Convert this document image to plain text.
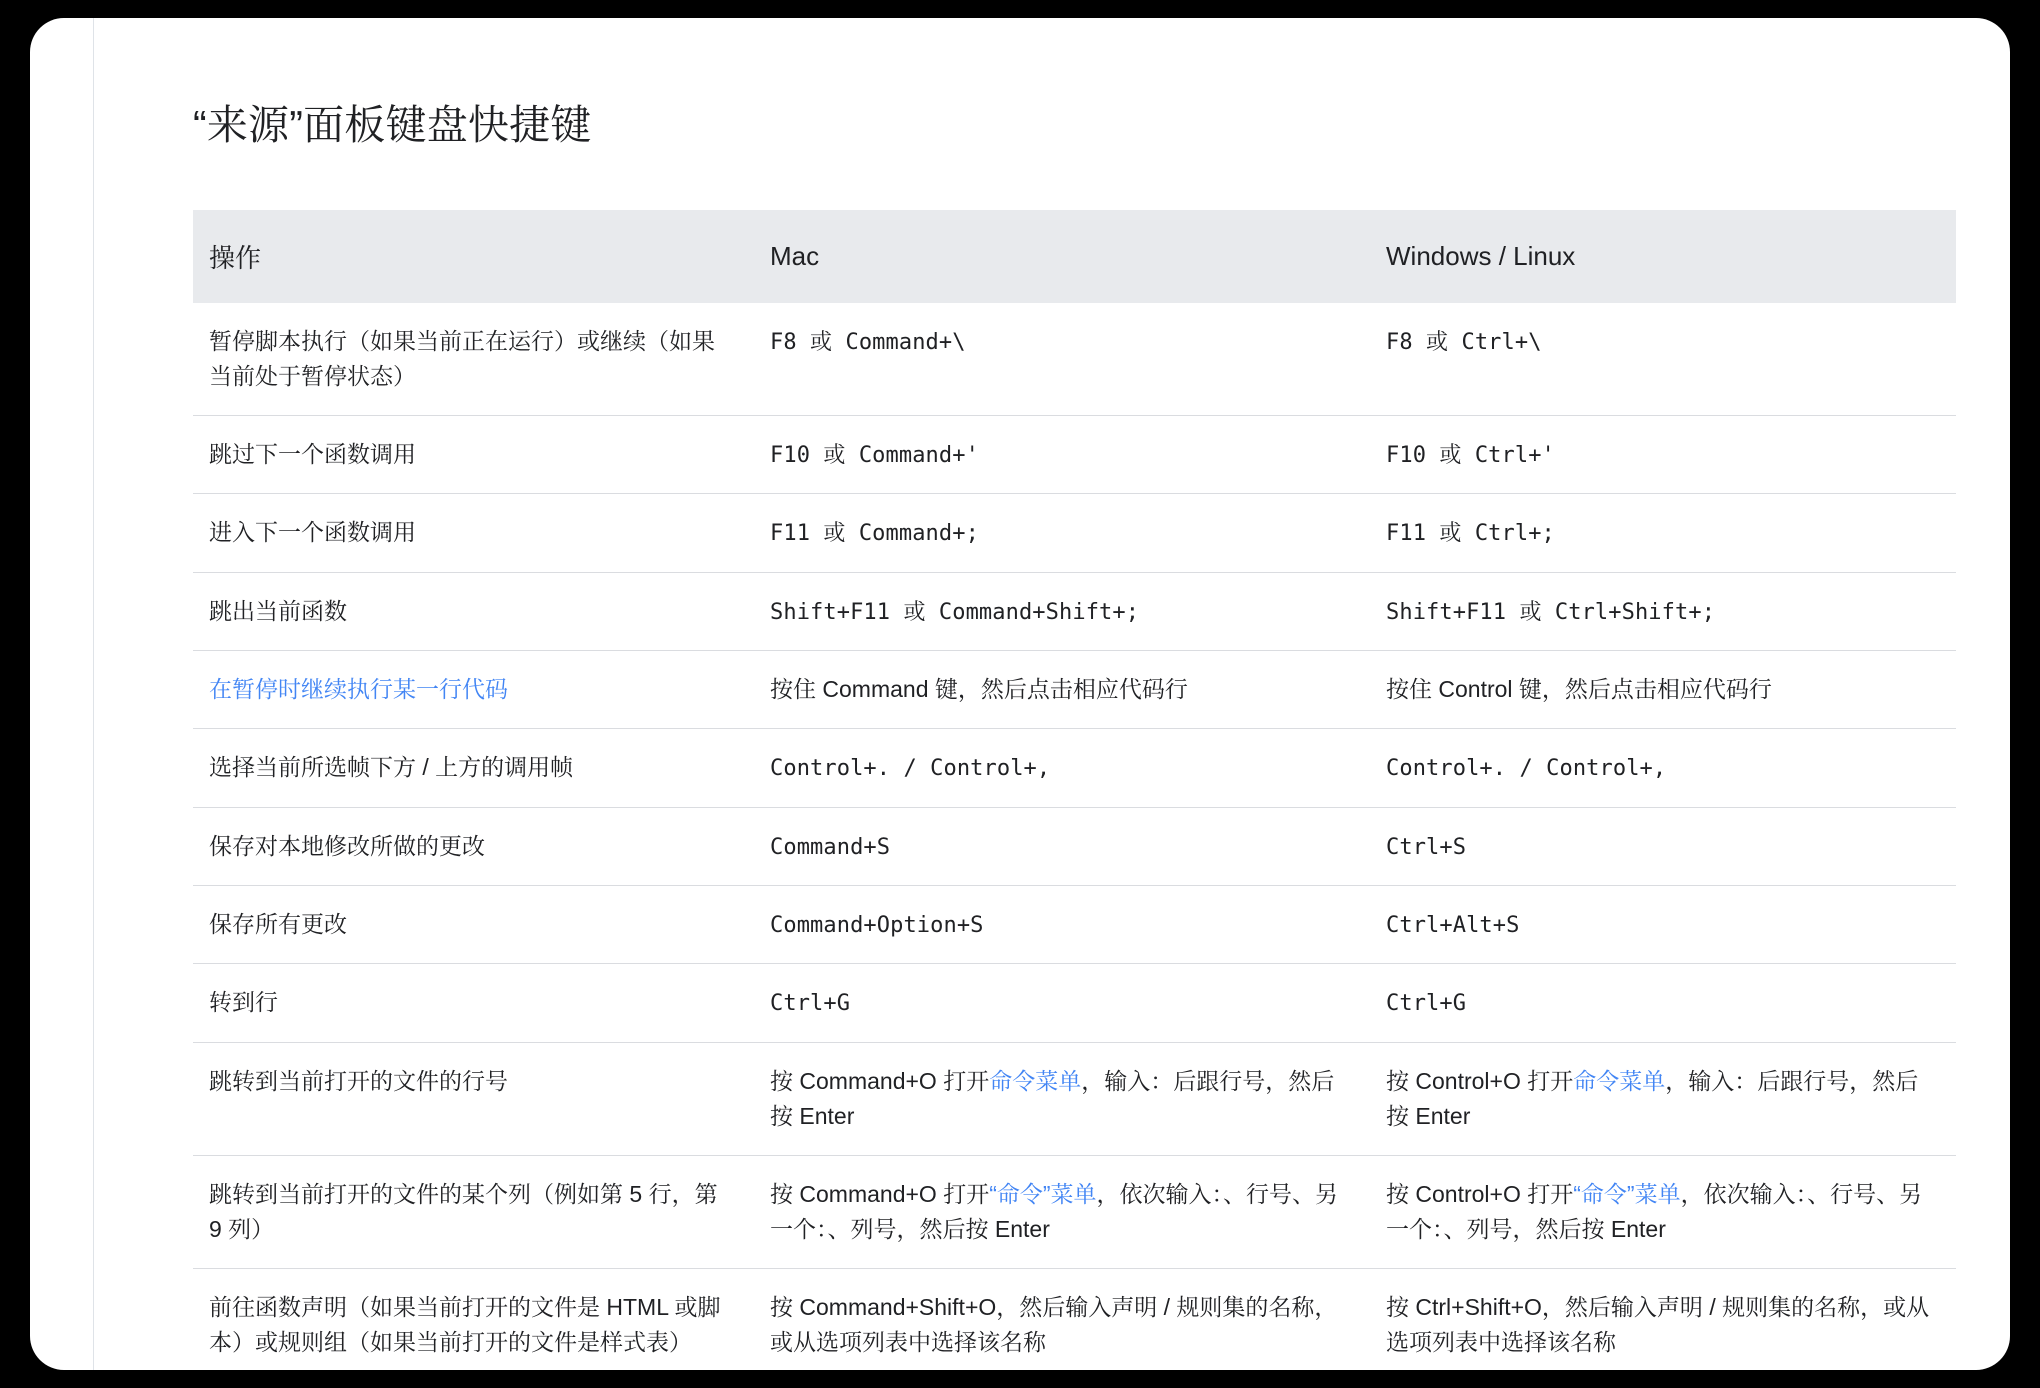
“来源”面板键盘快捷键
操作	Mac	Windows / Linux
暂停脚本执行（如果当前正在运行）或继续（如果当前处于暂停状态）	F8 或 Command+\	F8 或 Ctrl+\
跳过下一个函数调用	F10 或 Command+'	F10 或 Ctrl+'
进入下一个函数调用	F11 或 Command+;	F11 或 Ctrl+;
跳出当前函数	Shift+F11 或 Command+Shift+;	Shift+F11 或 Ctrl+Shift+;
在暂停时继续执行某一行代码	按住 Command 键，然后点击相应代码行	按住 Control 键，然后点击相应代码行
选择当前所选帧下方 / 上方的调用帧	Control+. / Control+,	Control+. / Control+,
保存对本地修改所做的更改	Command+S	Ctrl+S
保存所有更改	Command+Option+S	Ctrl+Alt+S
转到行	Ctrl+G	Ctrl+G
跳转到当前打开的文件的行号	按 Command+O 打开命令菜单，输入：后跟行号，然后按 Enter	按 Control+O 打开命令菜单，输入：后跟行号，然后按 Enter
跳转到当前打开的文件的某个列（例如第 5 行，第 9 列）	按 Command+O 打开“命令”菜单，依次输入：、行号、另一个：、列号，然后按 Enter	按 Control+O 打开“命令”菜单，依次输入：、行号、另一个：、列号，然后按 Enter
前往函数声明（如果当前打开的文件是 HTML 或脚本）或规则组（如果当前打开的文件是样式表）	按 Command+Shift+O，然后输入声明 / 规则集的名称，或从选项列表中选择该名称	按 Ctrl+Shift+O，然后输入声明 / 规则集的名称，或从选项列表中选择该名称
